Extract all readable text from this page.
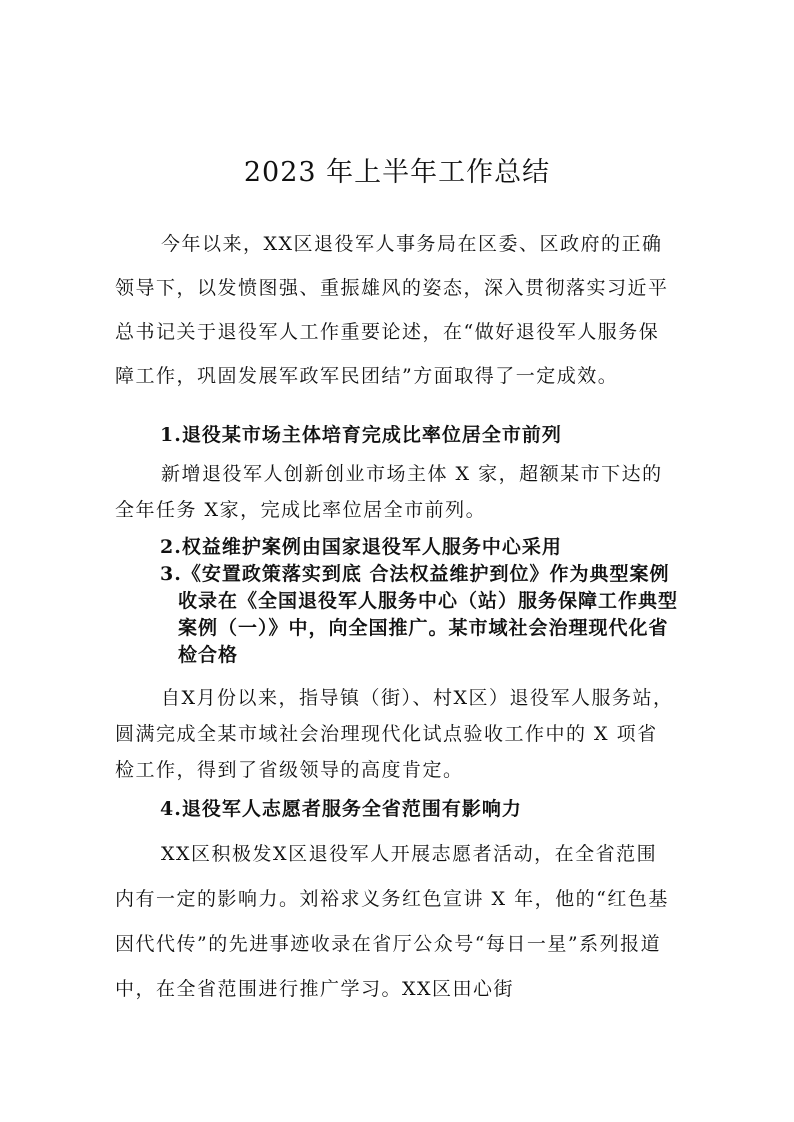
2023 年上半年工作总结

今年以来，XX区退役军人事务局在区委、区政府的正确领导下，以发愤图强、重振雄风的姿态，深入贯彻落实习近平总书记关于退役军人工作重要论述，在“做好退役军人服务保障工作，巩固发展军政军民团结”方面取得了一定成效。

1.退役某市场主体培育完成比率位居全市前列

新增退役军人创新创业市场主体 X 家，超额某市下达的全年任务 X家，完成比率位居全市前列。

2.权益维护案例由国家退役军人服务中心采用

3.《安置政策落实到底 合法权益维护到位》作为典型案例收录在《全国退役军人服务中心（站）服务保障工作典型案例（一）》中，向全国推广。某市域社会治理现代化省检合格

自X月份以来，指导镇（街）、村X区）退役军人服务站，圆满完成全某市域社会治理现代化试点验收工作中的 X 项省检工作，得到了省级领导的高度肯定。

4.退役军人志愿者服务全省范围有影响力

XX区积极发X区退役军人开展志愿者活动，在全省范围内有一定的影响力。刘裕求义务红色宣讲 X 年，他的“红色基因代代传”的先进事迹收录在省厅公众号“每日一星”系列报道中，在全省范围进行推广学习。XX区田心街
